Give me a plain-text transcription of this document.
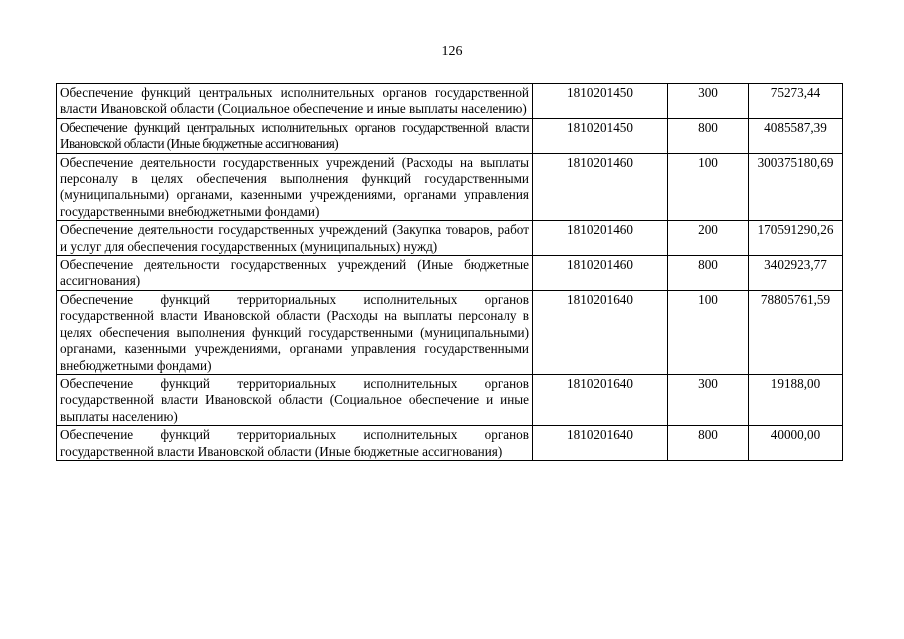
126
Обеспечение функций центральных исполнительных органов государственной власти Ивановской области (Социальное обеспечение и иные выплаты населению)	1810201450	300	75273,44
Обеспечение функций центральных исполнительных органов государственной власти Ивановской области (Иные бюджетные ассигнования)	1810201450	800	4085587,39
Обеспечение деятельности государственных учреждений (Расходы на выплаты персоналу в целях обеспечения выполнения функций государственными (муниципальными) органами, казенными учреждениями, органами управления государственными внебюджетными фондами)	1810201460	100	300375180,69
Обеспечение деятельности государственных учреждений (Закупка товаров, работ и услуг для обеспечения государственных (муниципальных) нужд)	1810201460	200	170591290,26
Обеспечение деятельности государственных учреждений (Иные бюджетные ассигнования)	1810201460	800	3402923,77
Обеспечение функций территориальных исполнительных органов государственной власти Ивановской области (Расходы на выплаты персоналу в целях обеспечения выполнения функций государственными (муниципальными) органами, казенными учреждениями, органами управления государственными внебюджетными фондами)	1810201640	100	78805761,59
Обеспечение функций территориальных исполнительных органов государственной власти Ивановской области (Социальное обеспечение и иные выплаты населению)	1810201640	300	19188,00
Обеспечение функций территориальных исполнительных органов государственной власти Ивановской области (Иные бюджетные ассигнования)	1810201640	800	40000,00
